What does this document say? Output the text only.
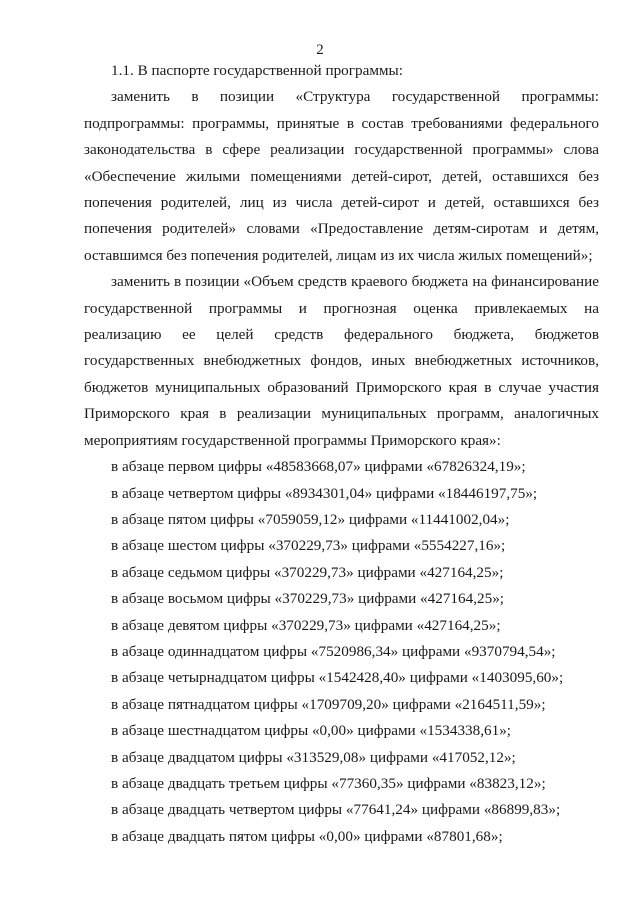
2

1.1. В паспорте государственной программы:

заменить в позиции «Структура государственной программы: подпрограммы: программы, принятые в состав требованиями федерального законодательства в сфере реализации государственной программы» слова «Обеспечение жилыми помещениями детей-сирот, детей, оставшихся без попечения родителей, лиц из числа детей-сирот и детей, оставшихся без попечения родителей» словами «Предоставление детям-сиротам и детям, оставшимся без попечения родителей, лицам из их числа жилых помещений»;

заменить в позиции «Объем средств краевого бюджета на финансирование государственной программы и прогнозная оценка привлекаемых на реализацию ее целей средств федерального бюджета, бюджетов государственных внебюджетных фондов, иных внебюджетных источников, бюджетов муниципальных образований Приморского края в случае участия Приморского края в реализации муниципальных программ, аналогичных мероприятиям государственной программы Приморского края»:

в абзаце первом цифры «48583668,07» цифрами «67826324,19»;
в абзаце четвертом цифры «8934301,04» цифрами «18446197,75»;
в абзаце пятом цифры «7059059,12» цифрами «11441002,04»;
в абзаце шестом цифры «370229,73» цифрами «5554227,16»;
в абзаце седьмом цифры «370229,73» цифрами «427164,25»;
в абзаце восьмом цифры «370229,73» цифрами «427164,25»;
в абзаце девятом цифры «370229,73» цифрами «427164,25»;
в абзаце одиннадцатом цифры «7520986,34» цифрами «9370794,54»;
в абзаце четырнадцатом цифры «1542428,40» цифрами «1403095,60»;
в абзаце пятнадцатом цифры «1709709,20» цифрами «2164511,59»;
в абзаце шестнадцатом цифры «0,00» цифрами «1534338,61»;
в абзаце двадцатом цифры «313529,08» цифрами «417052,12»;
в абзаце двадцать третьем цифры «77360,35» цифрами «83823,12»;
в абзаце двадцать четвертом цифры «77641,24» цифрами «86899,83»;
в абзаце двадцать пятом цифры «0,00» цифрами «87801,68»;
